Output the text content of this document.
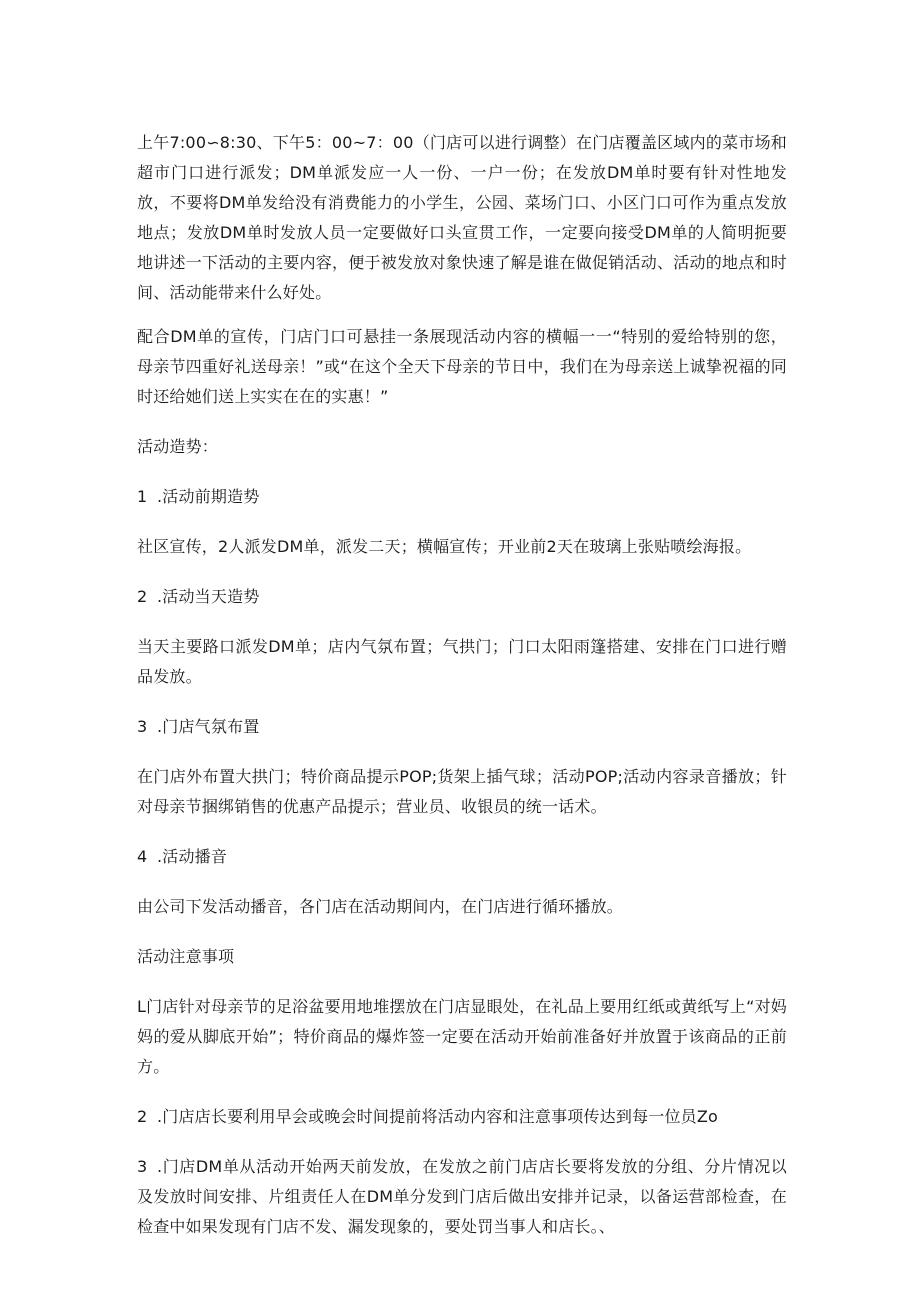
上午7:00∽8:30、下午5：00~7：00（门店可以进行调整）在门店覆盖区域内的菜市场和超市门口进行派发；DM单派发应一人一份、一户一份；在发放DM单时要有针对性地发放，不要将DM单发给没有消费能力的小学生，公园、菜场门口、小区门口可作为重点发放地点；发放DM单时发放人员一定要做好口头宣贯工作，一定要向接受DM单的人简明扼要地讲述一下活动的主要内容，便于被发放对象快速了解是谁在做促销活动、活动的地点和时间、活动能带来什么好处。

配合DM单的宣传，门店门口可悬挂一条展现活动内容的横幅一一“特别的爱给特别的您，母亲节四重好礼送母亲！”或“在这个全天下母亲的节日中，我们在为母亲送上诚挚祝福的同时还给她们送上实实在在的实惠！”

活动造势：

1 .活动前期造势

社区宣传，2人派发DM单，派发二天；横幅宣传；开业前2天在玻璃上张贴喷绘海报。

2 .活动当天造势

当天主要路口派发DM单；店内气氛布置；气拱门；门口太阳雨篷搭建、安排在门口进行赠品发放。

3 .门店气氛布置

在门店外布置大拱门；特价商品提示POP;货架上插气球；活动POP;活动内容录音播放；针对母亲节捆绑销售的优惠产品提示；营业员、收银员的统一话术。

4 .活动播音

由公司下发活动播音，各门店在活动期间内，在门店进行循环播放。

活动注意事项

L门店针对母亲节的足浴盆要用地堆摆放在门店显眼处，在礼品上要用红纸或黄纸写上“对妈妈的爱从脚底开始”；特价商品的爆炸签一定要在活动开始前准备好并放置于该商品的正前方。

2 .门店店长要利用早会或晚会时间提前将活动内容和注意事项传达到每一位员Zo

3 .门店DM单从活动开始两天前发放，在发放之前门店店长要将发放的分组、分片情况以及发放时间安排、片组责任人在DM单分发到门店后做出安排并记录，以备运营部检查，在检查中如果发现有门店不发、漏发现象的，要处罚当事人和店长。、
